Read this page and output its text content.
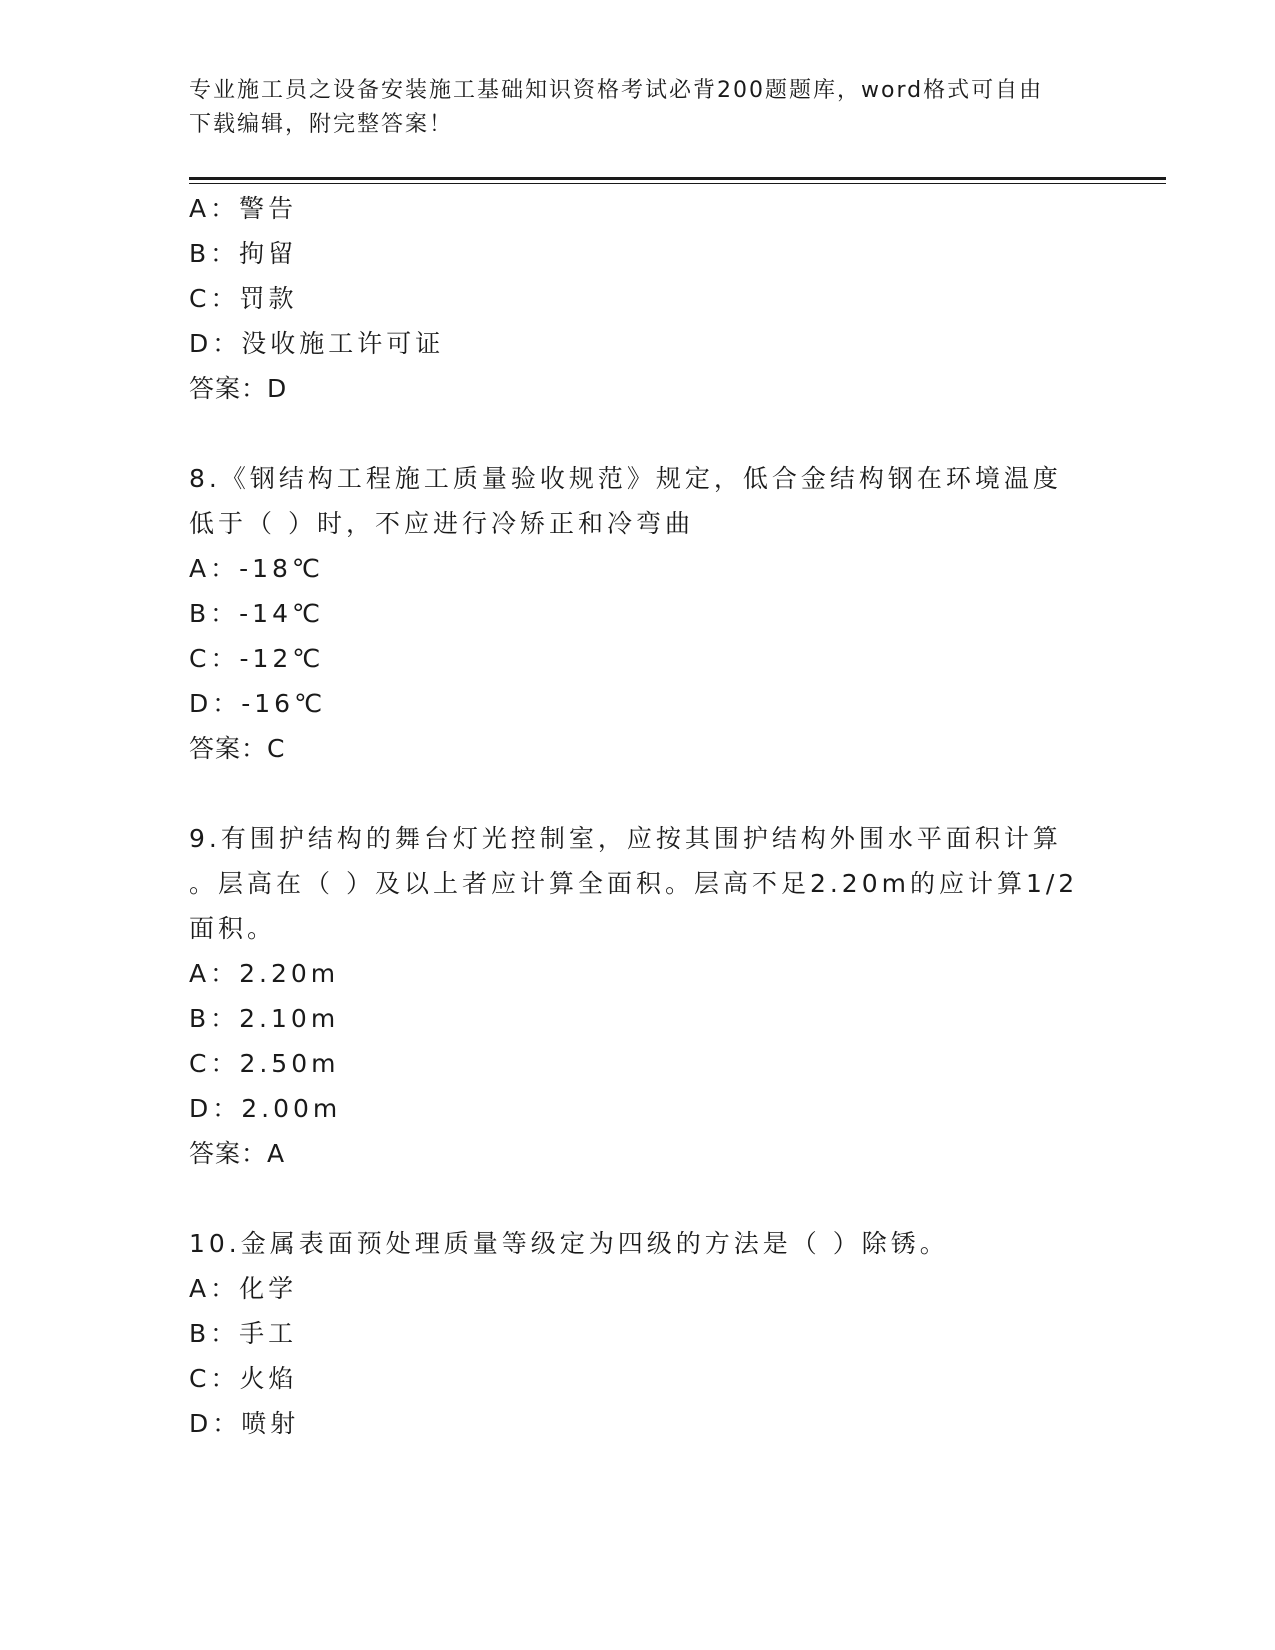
专业施工员之设备安装施工基础知识资格考试必背200题题库，word格式可自由
下载编辑，附完整答案！
A：警告
B：拘留
C：罚款
D：没收施工许可证
答案：D
8.《钢结构工程施工质量验收规范》规定，低合金结构钢在环境温度
低于（ ）时，不应进行冷矫正和冷弯曲
A：-18℃
B：-14℃
C：-12℃
D：-16℃
答案：C
9.有围护结构的舞台灯光控制室，应按其围护结构外围水平面积计算
。层高在（ ）及以上者应计算全面积。层高不足2.20m的应计算1/2
面积。
A：2.20m
B：2.10m
C：2.50m
D：2.00m
答案：A
10.金属表面预处理质量等级定为四级的方法是（ ）除锈。
A：化学
B：手工
C：火焰
D：喷射
